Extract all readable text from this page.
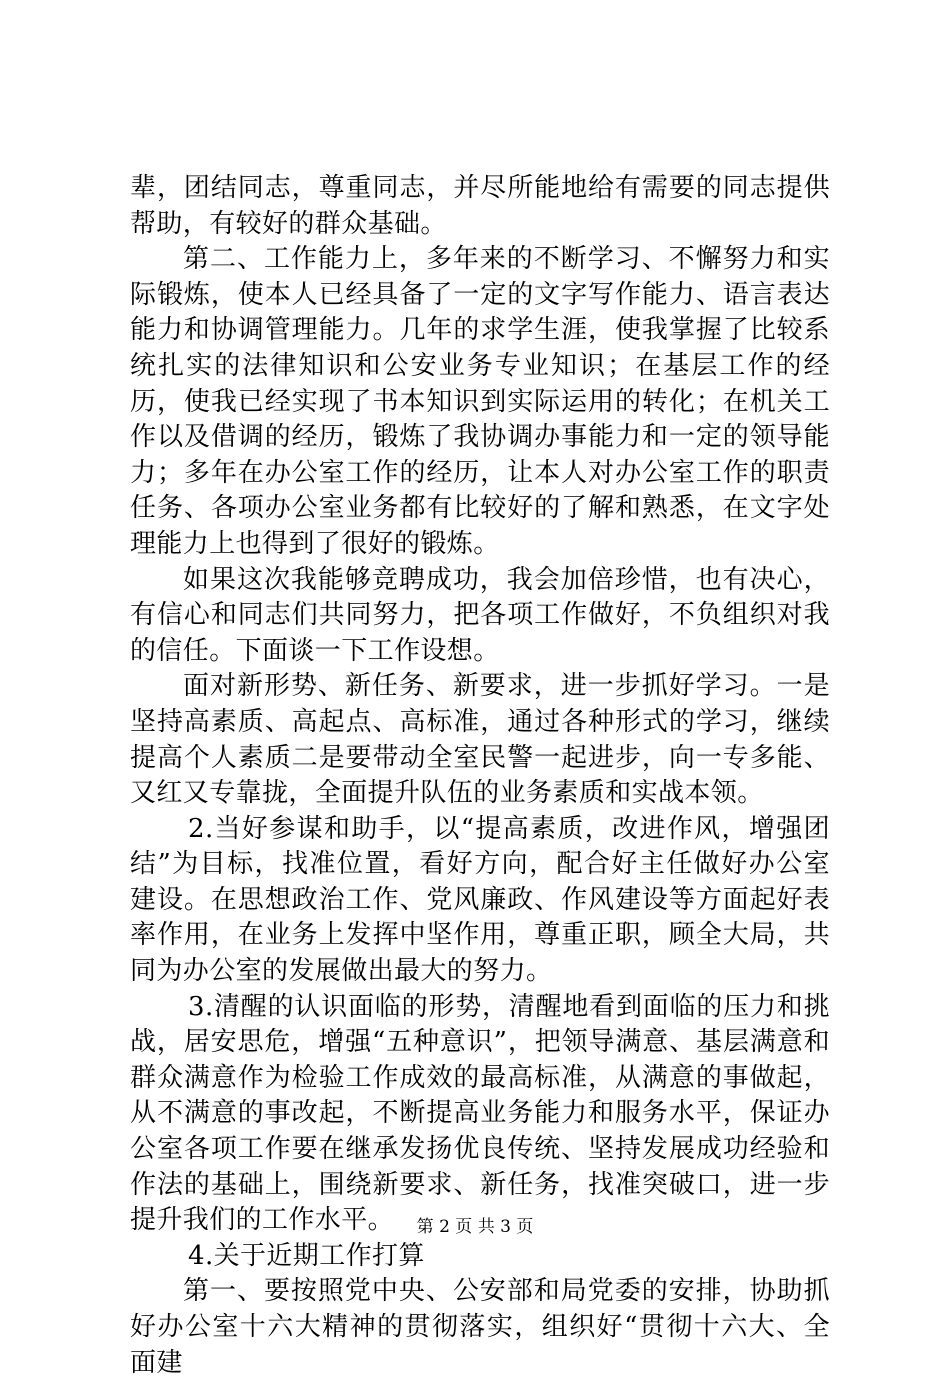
辈，团结同志，尊重同志，并尽所能地给有需要的同志提供帮助，有较好的群众基础。

第二、工作能力上，多年来的不断学习、不懈努力和实际锻炼，使本人已经具备了一定的文字写作能力、语言表达能力和协调管理能力。几年的求学生涯，使我掌握了比较系统扎实的法律知识和公安业务专业知识；在基层工作的经历，使我已经实现了书本知识到实际运用的转化；在机关工作以及借调的经历，锻炼了我协调办事能力和一定的领导能力；多年在办公室工作的经历，让本人对办公室工作的职责任务、各项办公室业务都有比较好的了解和熟悉，在文字处理能力上也得到了很好的锻炼。

如果这次我能够竞聘成功，我会加倍珍惜，也有决心，有信心和同志们共同努力，把各项工作做好，不负组织对我的信任。下面谈一下工作设想。

面对新形势、新任务、新要求，进一步抓好学习。一是坚持高素质、高起点、高标准，通过各种形式的学习，继续提高个人素质二是要带动全室民警一起进步，向一专多能、又红又专靠拢，全面提升队伍的业务素质和实战本领。

2.当好参谋和助手，以“提高素质，改进作风，增强团结”为目标，找准位置，看好方向，配合好主任做好办公室建设。在思想政治工作、党风廉政、作风建设等方面起好表率作用，在业务上发挥中坚作用，尊重正职，顾全大局，共同为办公室的发展做出最大的努力。

3.清醒的认识面临的形势，清醒地看到面临的压力和挑战，居安思危，增强“五种意识”，把领导满意、基层满意和群众满意作为检验工作成效的最高标准，从满意的事做起，从不满意的事改起，不断提高业务能力和服务水平，保证办公室各项工作要在继承发扬优良传统、坚持发展成功经验和作法的基础上，围绕新要求、新任务，找准突破口，进一步提升我们的工作水平。

4.关于近期工作打算

第一、要按照党中央、公安部和局党委的安排，协助抓好办公室十六大精神的贯彻落实，组织好“贯彻十六大、全面建

第 2 页 共 3 页
